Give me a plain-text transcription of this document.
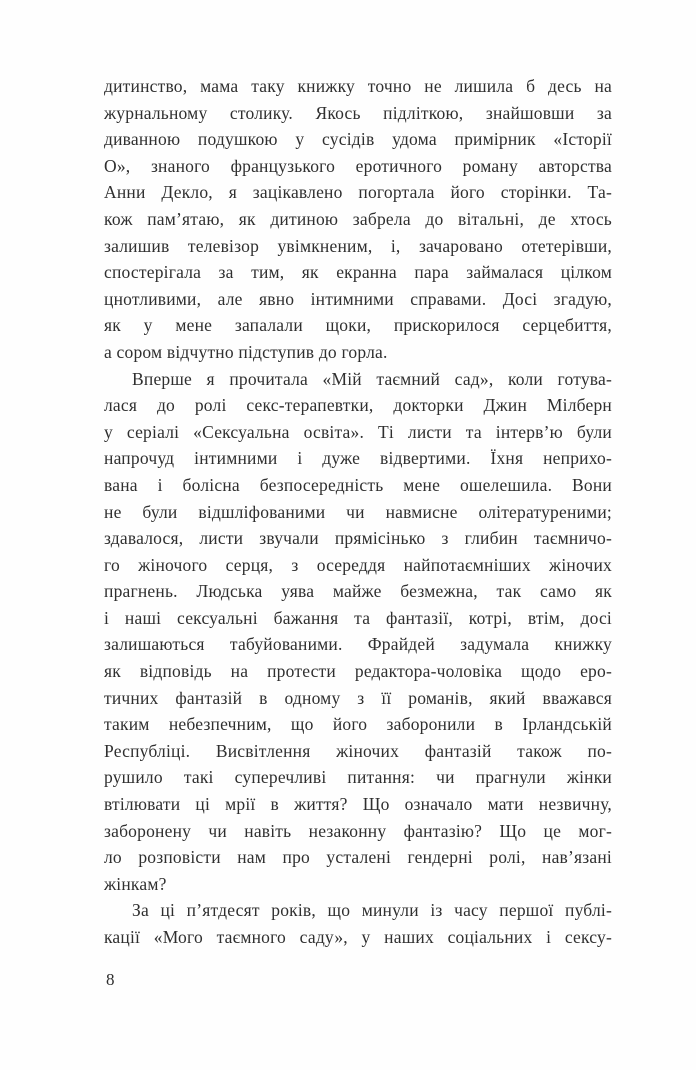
дитинство, мама таку книжку точно не лишила б десь на
журнальному столику. Якось підліткою, знайшовши за
диванною подушкою у сусідів удома примірник «Історії
О», знаного французького еротичного роману авторства
Анни Декло, я зацікавлено погортала його сторінки. Та-
кож пам’ятаю, як дитиною забрела до вітальні, де хтось
залишив телевізор увімкненим, і, зачаровано отетерівши,
спостерігала за тим, як екранна пара займалася цілком
цнотливими, але явно інтимними справами. Досі згадую,
як у мене запалали щоки, прискорилося серцебиття,
а сором відчутно підступив до горла.
Вперше я прочитала «Мій таємний сад», коли готува-
лася до ролі секс-терапевтки, докторки Джин Мілберн
у серіалі «Сексуальна освіта». Ті листи та інтерв’ю були
напрочуд інтимними і дуже відвертими. Їхня неприхо-
вана і болісна безпосередність мене ошелешила. Вони
не були відшліфованими чи навмисне олітературеними;
здавалося, листи звучали прямісінько з глибин таємничо-
го жіночого серця, з осереддя найпотаємніших жіночих
прагнень. Людська уява майже безмежна, так само як
і наші сексуальні бажання та фантазії, котрі, втім, досі
залишаються табуйованими. Фрайдей задумала книжку
як відповідь на протести редактора-чоловіка щодо еро-
тичних фантазій в одному з її романів, який вважався
таким небезпечним, що його заборонили в Ірландській
Республіці. Висвітлення жіночих фантазій також по-
рушило такі суперечливі питання: чи прагнули жінки
втілювати ці мрії в життя? Що означало мати незвичну,
заборонену чи навіть незаконну фантазію? Що це мог-
ло розповісти нам про усталені гендерні ролі, нав’язані
жінкам?
За ці п’ятдесят років, що минули із часу першої публі-
кації «Мого таємного саду», у наших соціальних і сексу-
8
